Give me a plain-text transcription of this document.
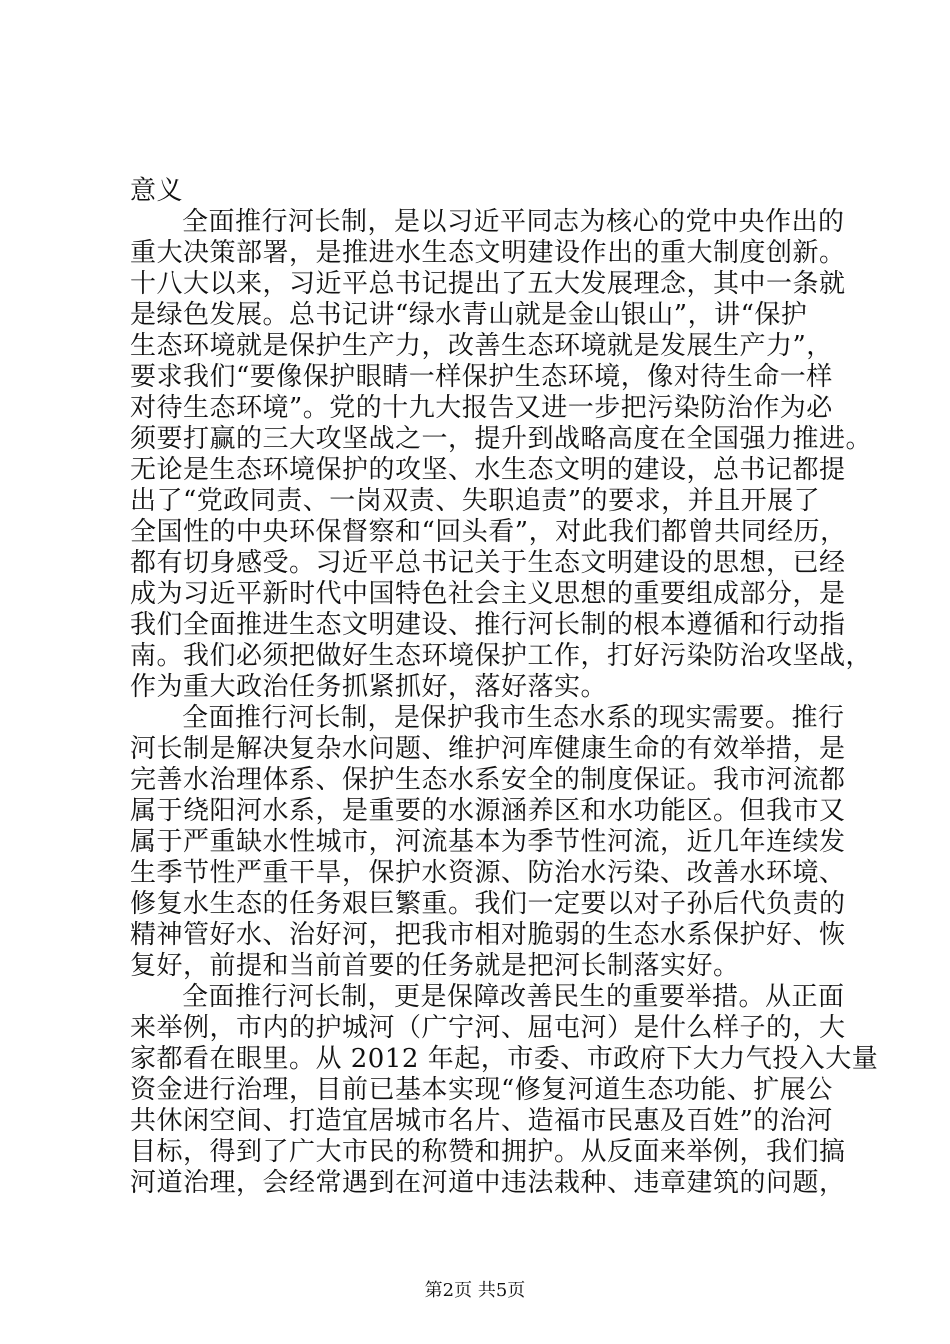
意义
全面推行河长制，是以习近平同志为核心的党中央作出的
重大决策部署，是推进水生态文明建设作出的重大制度创新。
十八大以来，习近平总书记提出了五大发展理念，其中一条就
是绿色发展。总书记讲“绿水青山就是金山银山”，讲“保护
生态环境就是保护生产力，改善生态环境就是发展生产力”，
要求我们“要像保护眼睛一样保护生态环境，像对待生命一样
对待生态环境”。党的十九大报告又进一步把污染防治作为必
须要打赢的三大攻坚战之一，提升到战略高度在全国强力推进。
无论是生态环境保护的攻坚、水生态文明的建设，总书记都提
出了“党政同责、一岗双责、失职追责”的要求，并且开展了
全国性的中央环保督察和“回头看”，对此我们都曾共同经历，
都有切身感受。习近平总书记关于生态文明建设的思想，已经
成为习近平新时代中国特色社会主义思想的重要组成部分，是
我们全面推进生态文明建设、推行河长制的根本遵循和行动指
南。我们必须把做好生态环境保护工作，打好污染防治攻坚战，
作为重大政治任务抓紧抓好，落好落实。
全面推行河长制，是保护我市生态水系的现实需要。推行
河长制是解决复杂水问题、维护河库健康生命的有效举措，是
完善水治理体系、保护生态水系安全的制度保证。我市河流都
属于绕阳河水系，是重要的水源涵养区和水功能区。但我市又
属于严重缺水性城市，河流基本为季节性河流，近几年连续发
生季节性严重干旱，保护水资源、防治水污染、改善水环境、
修复水生态的任务艰巨繁重。我们一定要以对子孙后代负责的
精神管好水、治好河，把我市相对脆弱的生态水系保护好、恢
复好，前提和当前首要的任务就是把河长制落实好。
全面推行河长制，更是保障改善民生的重要举措。从正面
来举例，市内的护城河（广宁河、屈屯河）是什么样子的，大
家都看在眼里。从 2012 年起，市委、市政府下大力气投入大量
资金进行治理，目前已基本实现“修复河道生态功能、扩展公
共休闲空间、打造宜居城市名片、造福市民惠及百姓”的治河
目标，得到了广大市民的称赞和拥护。从反面来举例，我们搞
河道治理，会经常遇到在河道中违法栽种、违章建筑的问题，
第2页 共5页
